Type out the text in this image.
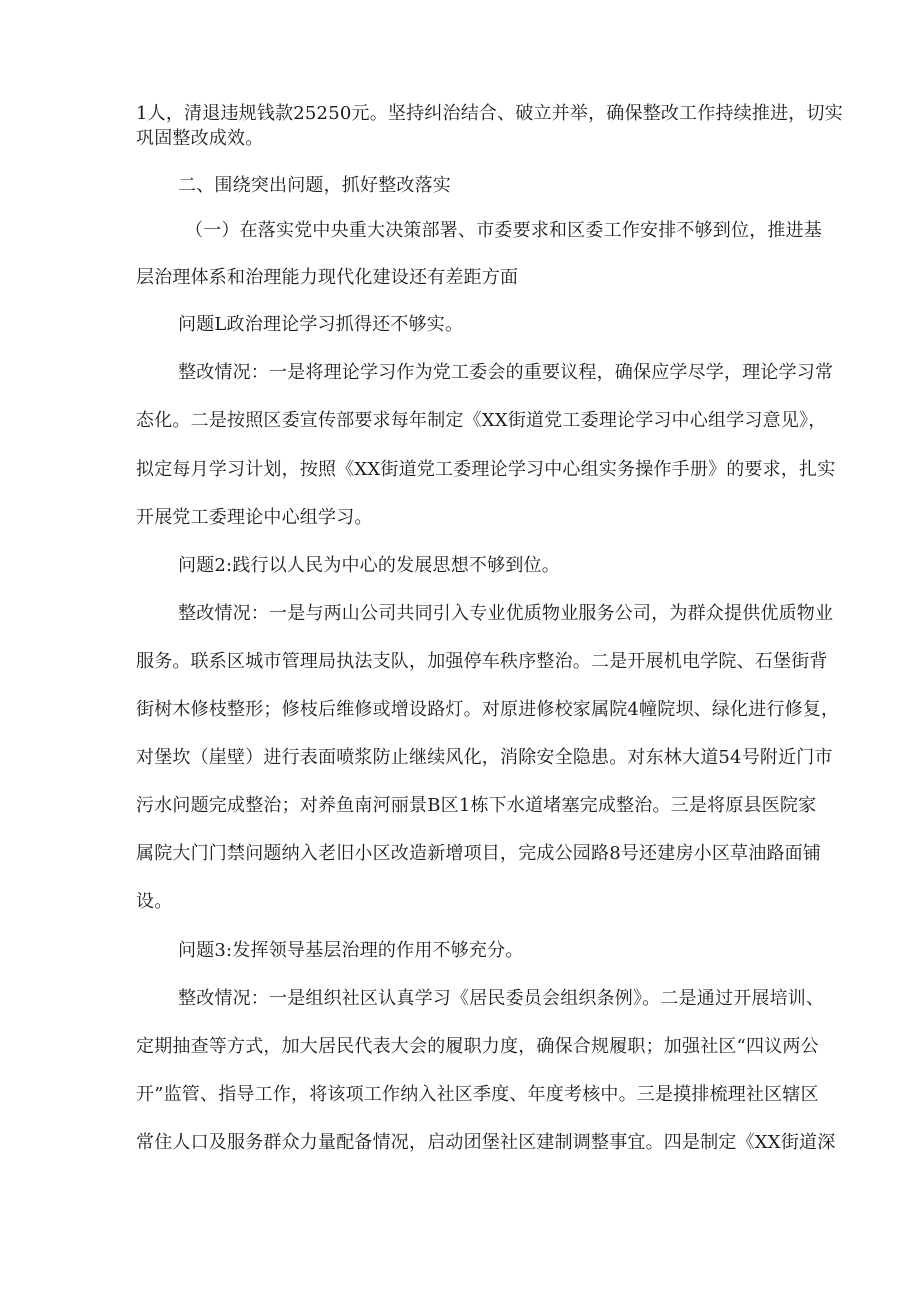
1人，清退违规钱款25250元。坚持纠治结合、破立并举，确保整改工作持续推进，切实
巩固整改成效。
二、围绕突出问题，抓好整改落实
（一）在落实党中央重大决策部署、市委要求和区委工作安排不够到位，推进基
层治理体系和治理能力现代化建设还有差距方面
问题L政治理论学习抓得还不够实。
整改情况：一是将理论学习作为党工委会的重要议程，确保应学尽学，理论学习常
态化。二是按照区委宣传部要求每年制定《XX街道党工委理论学习中心组学习意见》，
拟定每月学习计划，按照《XX街道党工委理论学习中心组实务操作手册》的要求，扎实
开展党工委理论中心组学习。
问题2:践行以人民为中心的发展思想不够到位。
整改情况：一是与两山公司共同引入专业优质物业服务公司，为群众提供优质物业
服务。联系区城市管理局执法支队，加强停车秩序整治。二是开展机电学院、石堡街背
街树木修枝整形；修枝后维修或增设路灯。对原进修校家属院4幢院坝、绿化进行修复，
对堡坎（崖壁）进行表面喷浆防止继续风化，消除安全隐患。对东林大道54号附近门市
污水问题完成整治；对养鱼南河丽景B区1栋下水道堵塞完成整治。三是将原县医院家
属院大门门禁问题纳入老旧小区改造新增项目，完成公园路8号还建房小区草油路面铺
设。
问题3:发挥领导基层治理的作用不够充分。
整改情况：一是组织社区认真学习《居民委员会组织条例》。二是通过开展培训、
定期抽查等方式，加大居民代表大会的履职力度，确保合规履职；加强社区“四议两公
开”监管、指导工作，将该项工作纳入社区季度、年度考核中。三是摸排梳理社区辖区
常住人口及服务群众力量配备情况，启动团堡社区建制调整事宜。四是制定《XX街道深
